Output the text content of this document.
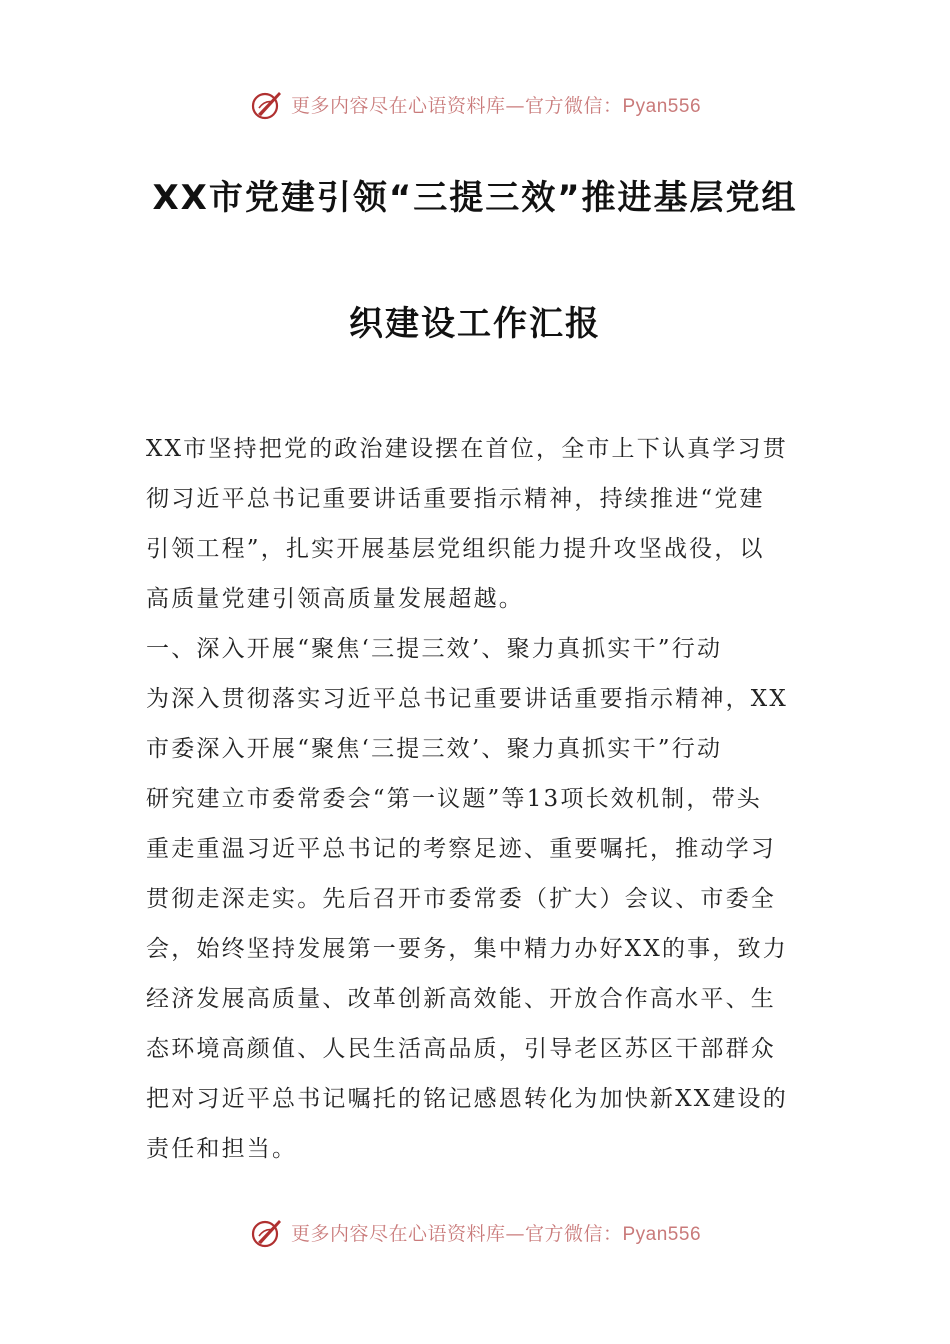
更多内容尽在心语资料库—官方微信：Pyan556
XX市党建引领“三提三效”推进基层党组
织建设工作汇报
XX市坚持把党的政治建设摆在首位，全市上下认真学习贯
彻习近平总书记重要讲话重要指示精神，持续推进“党建
引领工程”，扎实开展基层党组织能力提升攻坚战役，以
高质量党建引领高质量发展超越。
一、深入开展“聚焦‘三提三效’、聚力真抓实干”行动
为深入贯彻落实习近平总书记重要讲话重要指示精神，XX
市委深入开展“聚焦‘三提三效’、聚力真抓实干”行动
研究建立市委常委会“第一议题”等13项长效机制，带头
重走重温习近平总书记的考察足迹、重要嘱托，推动学习
贯彻走深走实。先后召开市委常委（扩大）会议、市委全
会，始终坚持发展第一要务，集中精力办好XX的事，致力
经济发展高质量、改革创新高效能、开放合作高水平、生
态环境高颜值、人民生活高品质，引导老区苏区干部群众
把对习近平总书记嘱托的铭记感恩转化为加快新XX建设的
责任和担当。
更多内容尽在心语资料库—官方微信：Pyan556
